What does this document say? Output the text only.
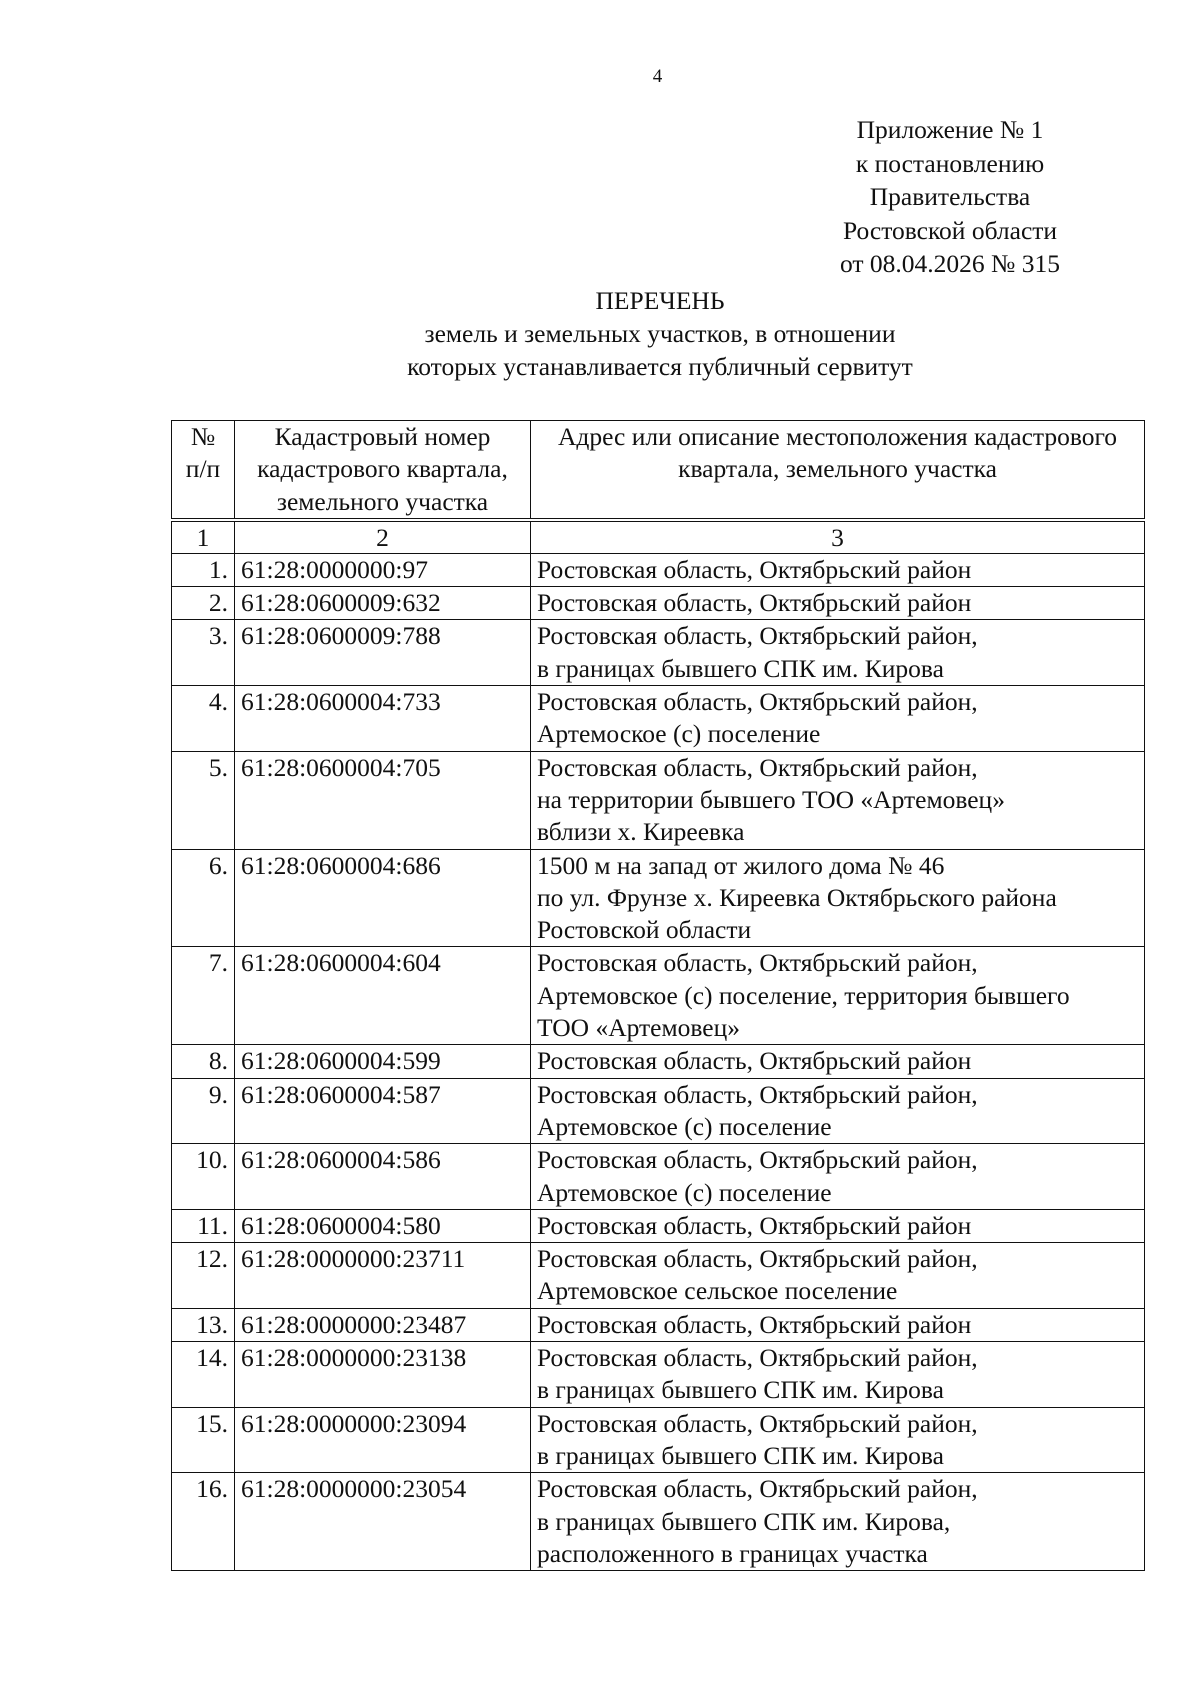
4
Приложение № 1
к постановлению
Правительства
Ростовской области
от 08.04.2026 № 315
ПЕРЕЧЕНЬ
земель и земельных участков, в отношении
которых устанавливается публичный сервитут
№ п/п	Кадастровый номер кадастрового квартала, земельного участка	Адрес или описание местоположения кадастрового квартала, земельного участка
1	2	3
1.	61:28:0000000:97	Ростовская область, Октябрьский район
2.	61:28:0600009:632	Ростовская область, Октябрьский район
3.	61:28:0600009:788	Ростовская область, Октябрьский район,
в границах бывшего СПК им. Кирова
4.	61:28:0600004:733	Ростовская область, Октябрьский район,
Артемоское (с) поселение
5.	61:28:0600004:705	Ростовская область, Октябрьский район,
на территории бывшего ТОО «Артемовец»
вблизи х. Киреевка
6.	61:28:0600004:686	1500 м на запад от жилого дома № 46
по ул. Фрунзе х. Киреевка Октябрьского района
Ростовской области
7.	61:28:0600004:604	Ростовская область, Октябрьский район,
Артемовское (с) поселение, территория бывшего
ТОО «Артемовец»
8.	61:28:0600004:599	Ростовская область, Октябрьский район
9.	61:28:0600004:587	Ростовская область, Октябрьский район,
Артемовское (с) поселение
10.	61:28:0600004:586	Ростовская область, Октябрьский район,
Артемовское (с) поселение
11.	61:28:0600004:580	Ростовская область, Октябрьский район
12.	61:28:0000000:23711	Ростовская область, Октябрьский район,
Артемовское сельское поселение
13.	61:28:0000000:23487	Ростовская область, Октябрьский район
14.	61:28:0000000:23138	Ростовская область, Октябрьский район,
в границах бывшего СПК им. Кирова
15.	61:28:0000000:23094	Ростовская область, Октябрьский район,
в границах бывшего СПК им. Кирова
16.	61:28:0000000:23054	Ростовская область, Октябрьский район,
в границах бывшего СПК им. Кирова,
расположенного в границах участка
